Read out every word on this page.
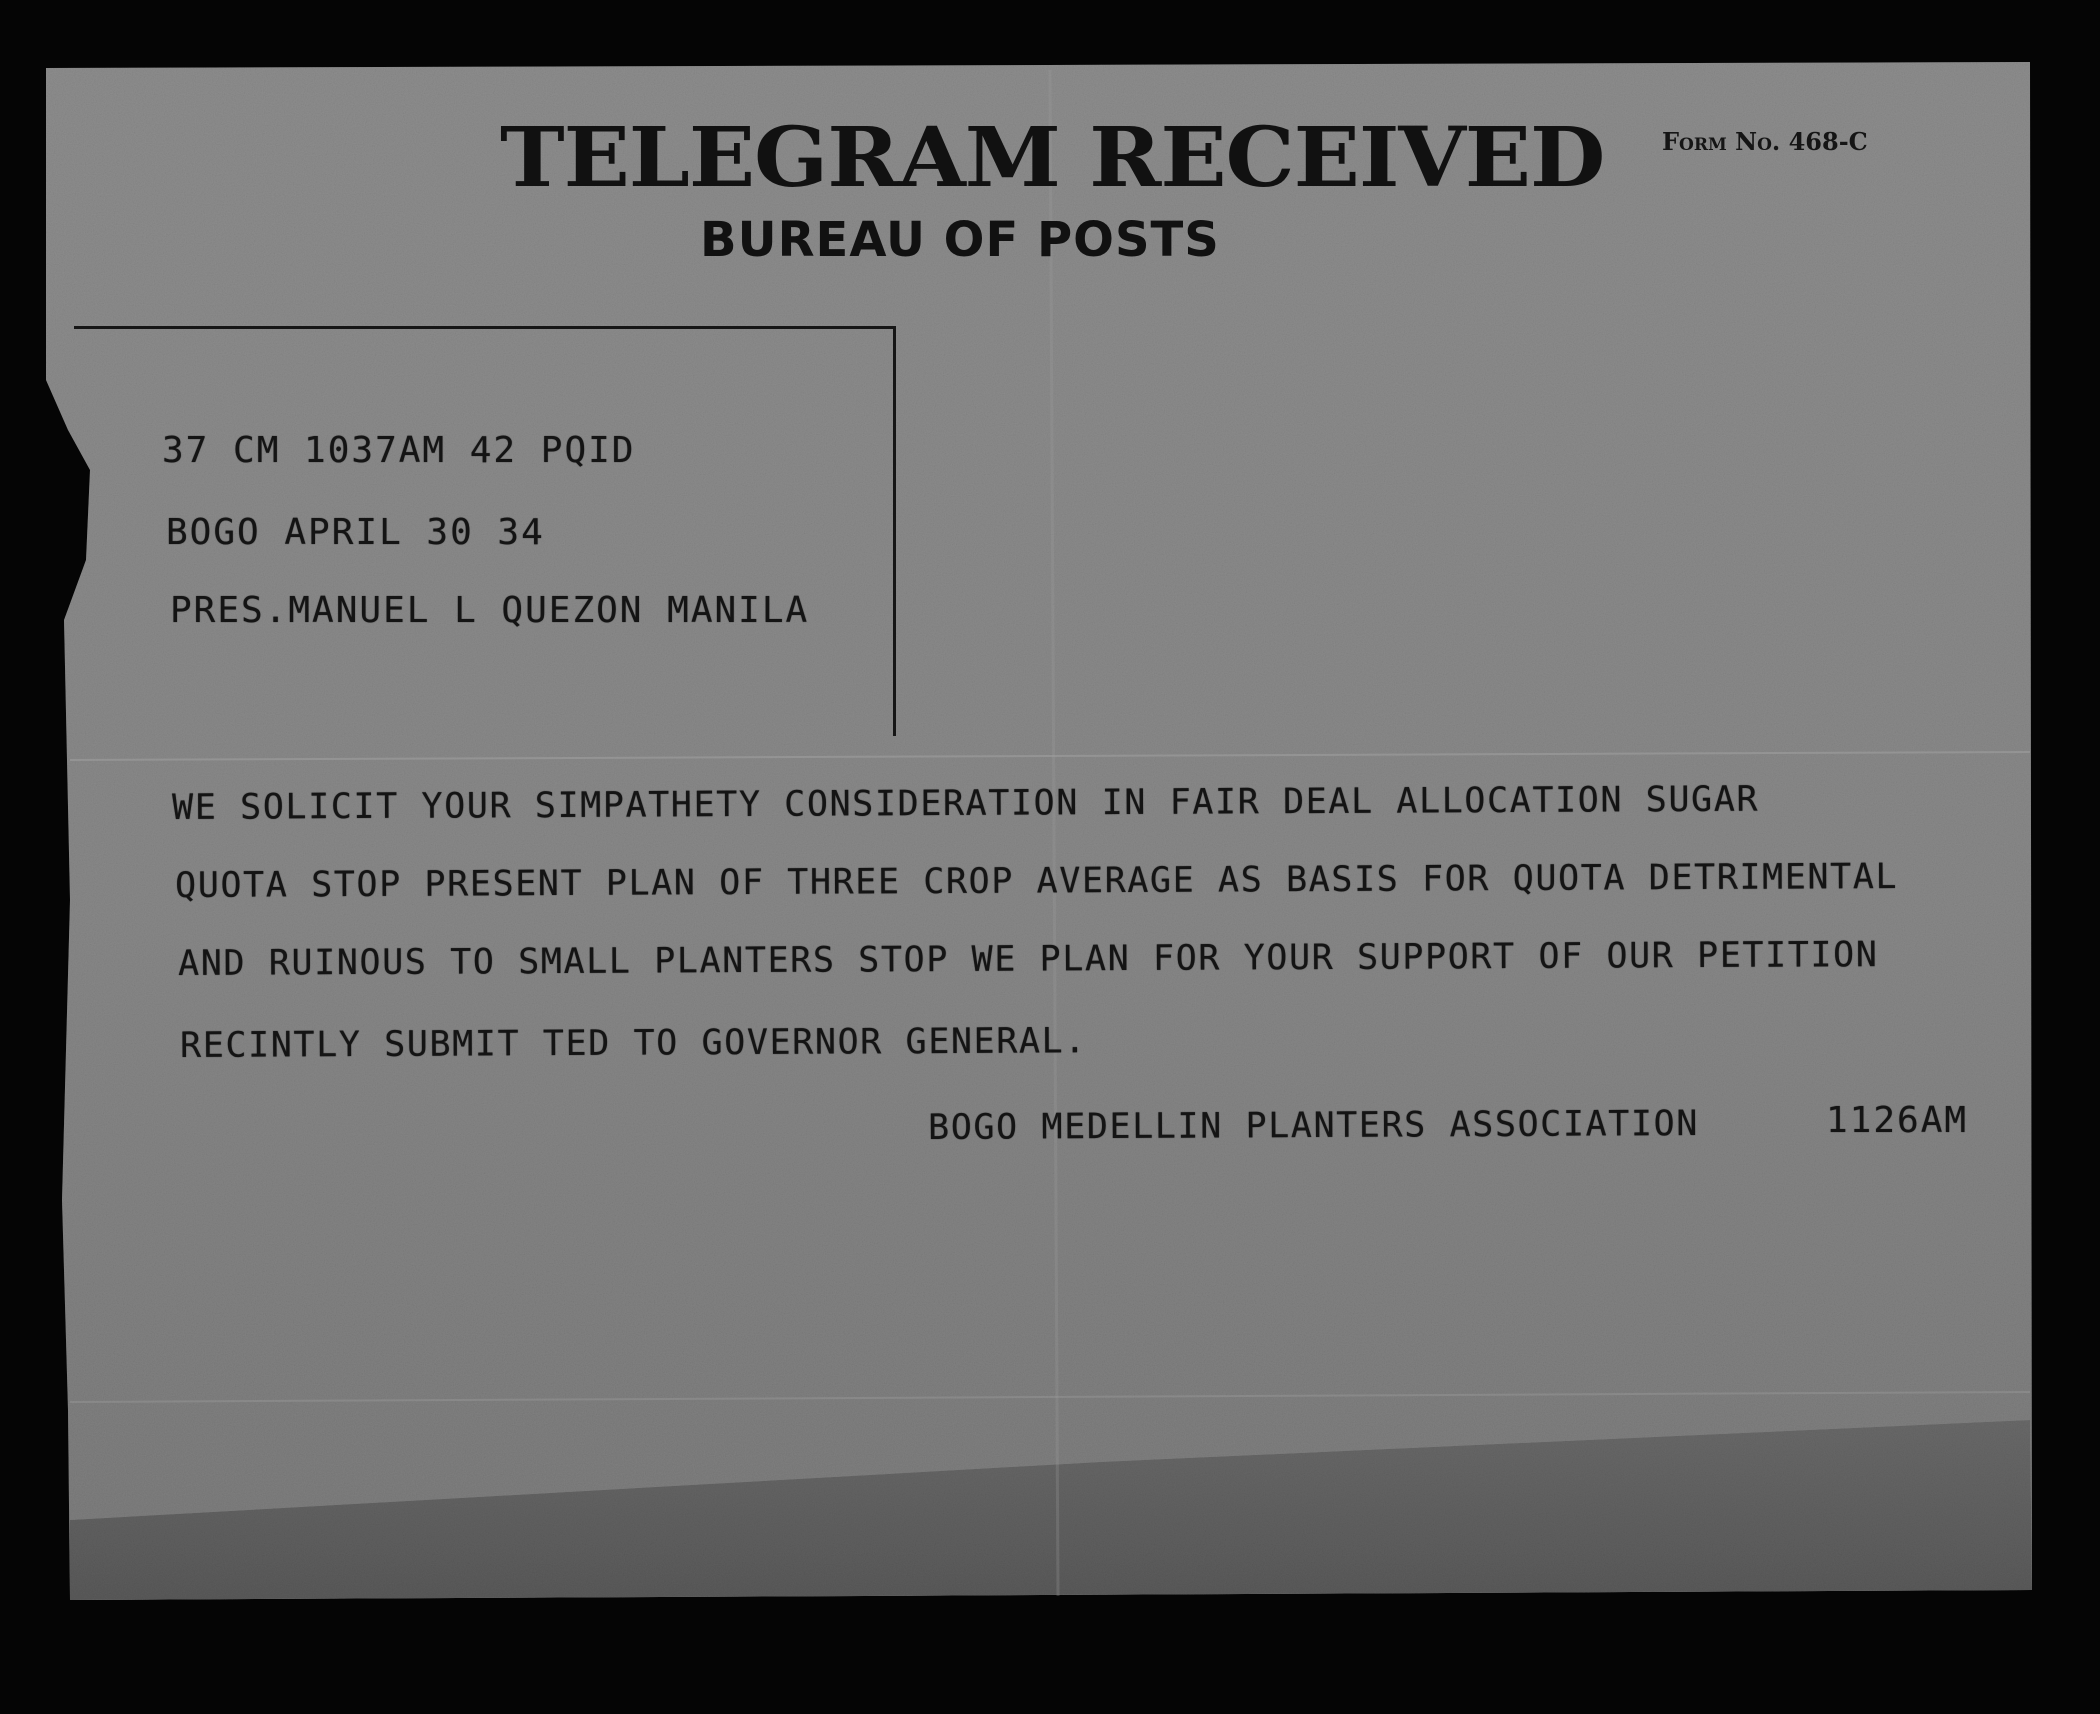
TELEGRAM RECEIVED
BUREAU OF POSTS
Form No. 468-C
37 CM 1037AM 42 PQID
BOGO APRIL 30 34
PRES.MANUEL L QUEZON MANILA
WE SOLICIT YOUR SIMPATHETY CONSIDERATION IN FAIR DEAL ALLOCATION SUGAR
QUOTA STOP PRESENT PLAN OF THREE CROP AVERAGE AS BASIS FOR QUOTA DETRIMENTAL
AND RUINOUS TO SMALL PLANTERS STOP WE PLAN FOR YOUR SUPPORT OF OUR PETITION
RECINTLY SUBMIT TED TO GOVERNOR GENERAL.
BOGO MEDELLIN PLANTERS ASSOCIATION	1126AM
